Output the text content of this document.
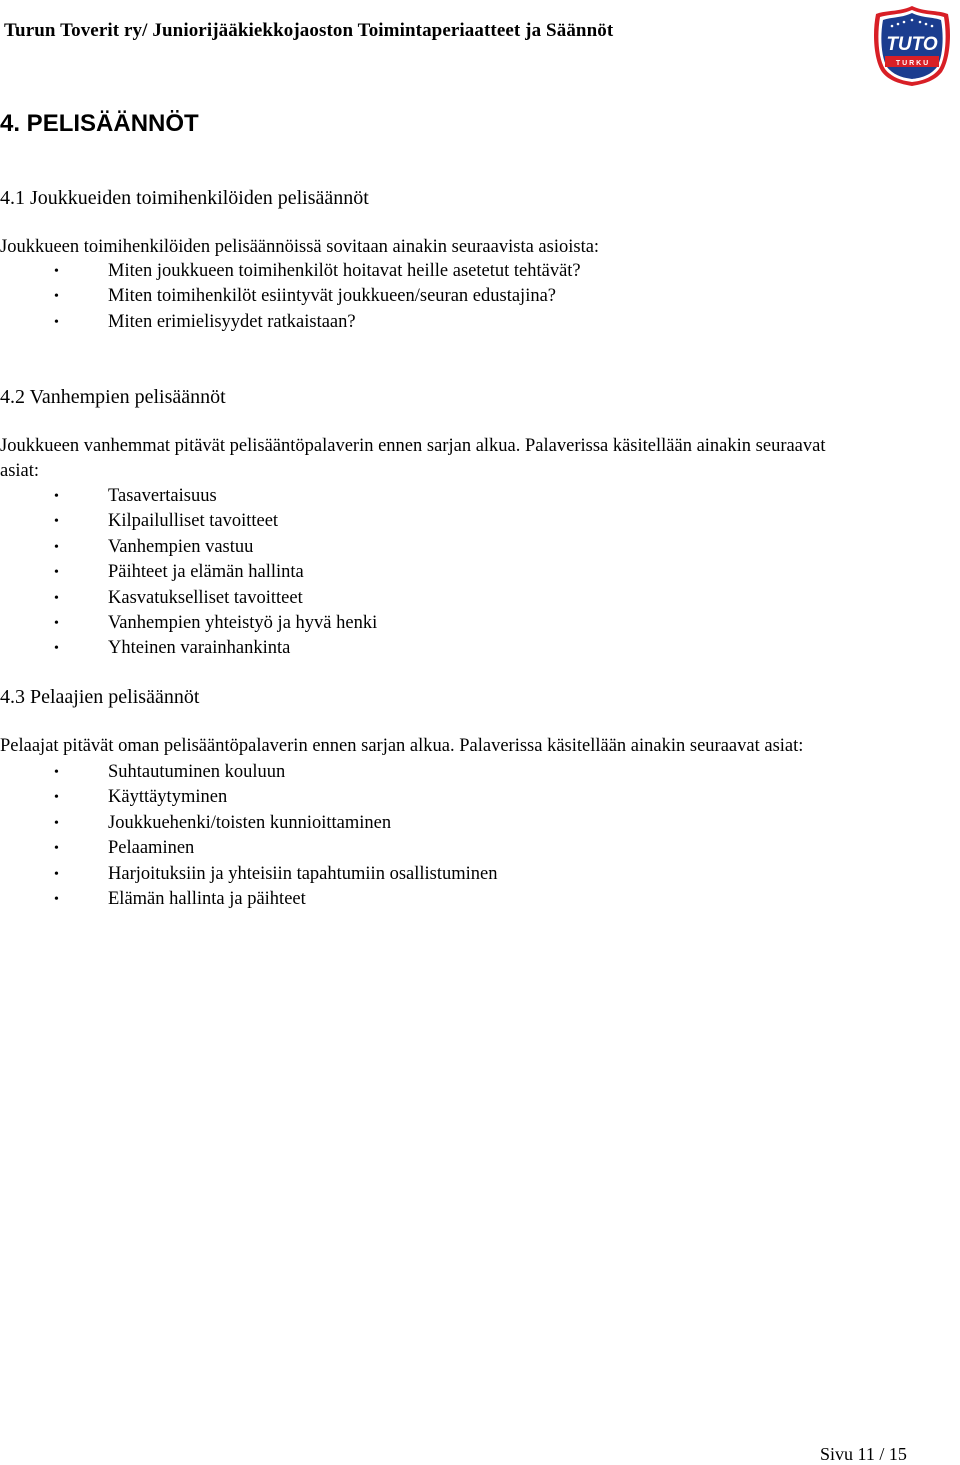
Turun Toverit ry/ Juniorijääkiekkojaoston Toimintaperiaatteet ja Säännöt
TUTO
T U R K U
4. PELISÄÄNNÖT
4.1 Joukkueiden toimihenkilöiden pelisäännöt
Joukkueen toimihenkilöiden pelisäännöissä sovitaan ainakin seuraavista asioista:
•	Miten joukkueen toimihenkilöt hoitavat heille asetetut tehtävät?
•	Miten toimihenkilöt esiintyvät joukkueen/seuran edustajina?
•	Miten erimielisyydet ratkaistaan?
4.2 Vanhempien pelisäännöt
Joukkueen vanhemmat pitävät pelisääntöpalaverin ennen sarjan alkua. Palaverissa käsitellään ainakin seuraavat
asiat:
•	Tasavertaisuus
•	Kilpailulliset tavoitteet
•	Vanhempien vastuu
•	Päihteet ja elämän hallinta
•	Kasvatukselliset tavoitteet
•	Vanhempien yhteistyö ja hyvä henki
•	Yhteinen varainhankinta
4.3 Pelaajien pelisäännöt
Pelaajat pitävät oman pelisääntöpalaverin ennen sarjan alkua. Palaverissa käsitellään ainakin seuraavat asiat:
•	Suhtautuminen kouluun
•	Käyttäytyminen
•	Joukkuehenki/toisten kunnioittaminen
•	Pelaaminen
•	Harjoituksiin ja yhteisiin tapahtumiin osallistuminen
•	Elämän hallinta ja päihteet
Sivu 11 / 15
